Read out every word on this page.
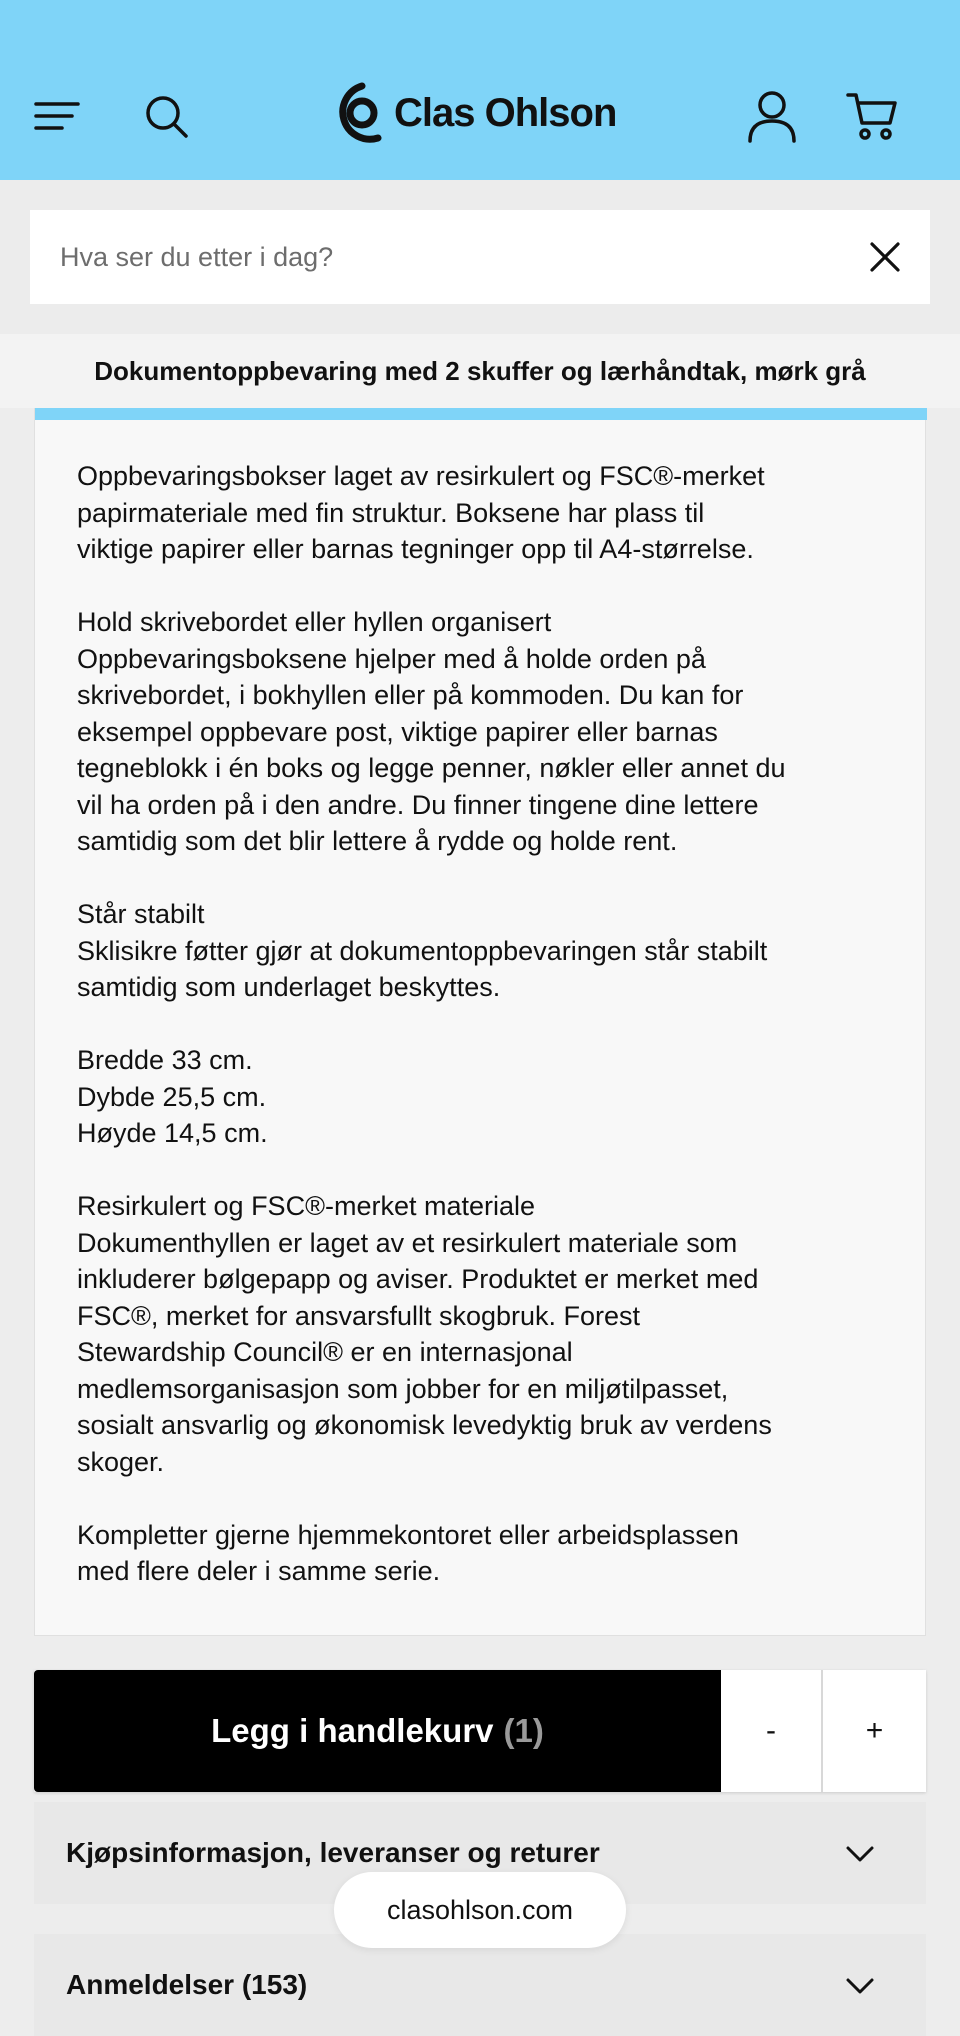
Clas Ohlson
Hva ser du etter i dag?
Dokumentoppbevaring med 2 skuffer og lærhåndtak, mørk grå

Oppbevaringsbokser laget av resirkulert og FSC®-merket
papirmateriale med fin struktur. Boksene har plass til
viktige papirer eller barnas tegninger opp til A4-størrelse.

Hold skrivebordet eller hyllen organisert
Oppbevaringsboksene hjelper med å holde orden på
skrivebordet, i bokhyllen eller på kommoden. Du kan for
eksempel oppbevare post, viktige papirer eller barnas
tegneblokk i én boks og legge penner, nøkler eller annet du
vil ha orden på i den andre. Du finner tingene dine lettere
samtidig som det blir lettere å rydde og holde rent.

Står stabilt
Sklisikre føtter gjør at dokumentoppbevaringen står stabilt
samtidig som underlaget beskyttes.

Bredde 33 cm.
Dybde 25,5 cm.
Høyde 14,5 cm.

Resirkulert og FSC®-merket materiale
Dokumenthyllen er laget av et resirkulert materiale som
inkluderer bølgepapp og aviser. Produktet er merket med
FSC®, merket for ansvarsfullt skogbruk. Forest
Stewardship Council® er en internasjonal
medlemsorganisasjon som jobber for en miljøtilpasset,
sosialt ansvarlig og økonomisk levedyktig bruk av verdens
skoger.

Kompletter gjerne hjemmekontoret eller arbeidsplassen
med flere deler i samme serie.

Legg i handlekurv (1)	-	+
Kjøpsinformasjon, leveranser og returer
Anmeldelser (153)
clasohlson.com
